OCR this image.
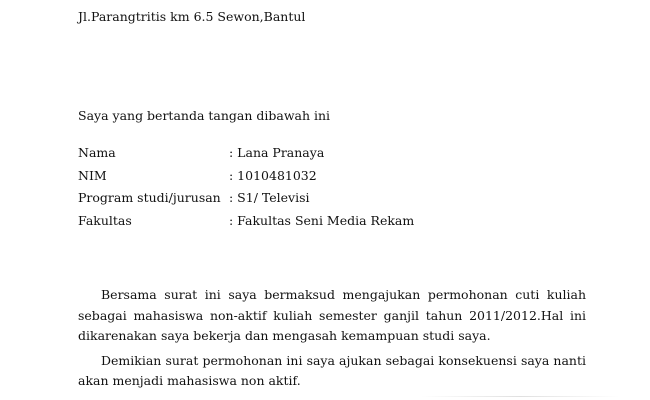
Jl.Parangtritis km 6.5 Sewon,Bantul
Saya yang bertanda tangan dibawah ini
Nama	: Lana Pranaya
NIM	: 1010481032
Program studi/jurusan : S1/ Televisi
Fakultas	: Fakultas Seni Media Rekam

Bersama surat ini saya bermaksud mengajukan permohonan cuti kuliah sebagai mahasiswa non-aktif kuliah semester ganjil tahun 2011/2012.Hal ini dikarenakan saya bekerja dan mengasah kemampuan studi saya.

Demikian surat permohonan ini saya ajukan sebagai konsekuensi saya nanti akan menjadi mahasiswa non aktif.
